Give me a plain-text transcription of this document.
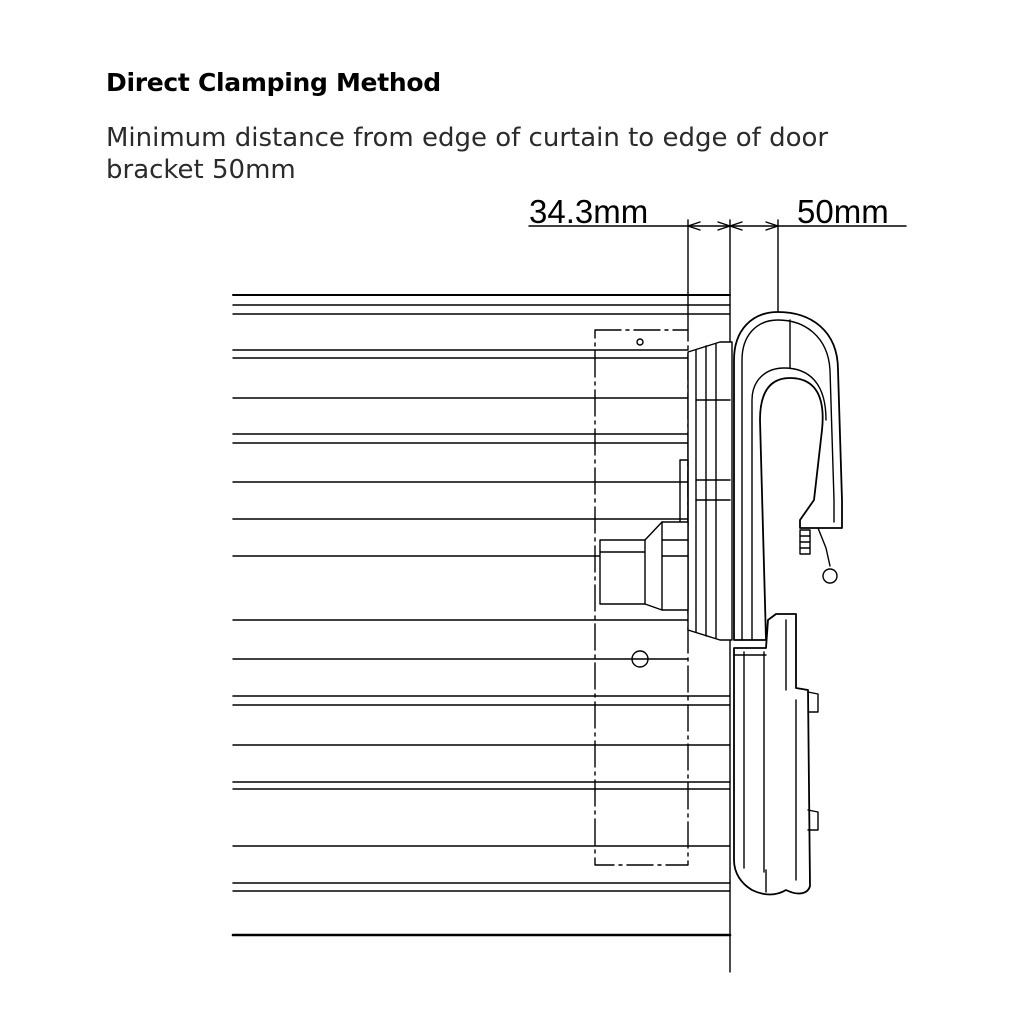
Direct Clamping Method

Minimum distance from edge of curtain to edge of door
bracket 50mm

34.3mm	50mm
